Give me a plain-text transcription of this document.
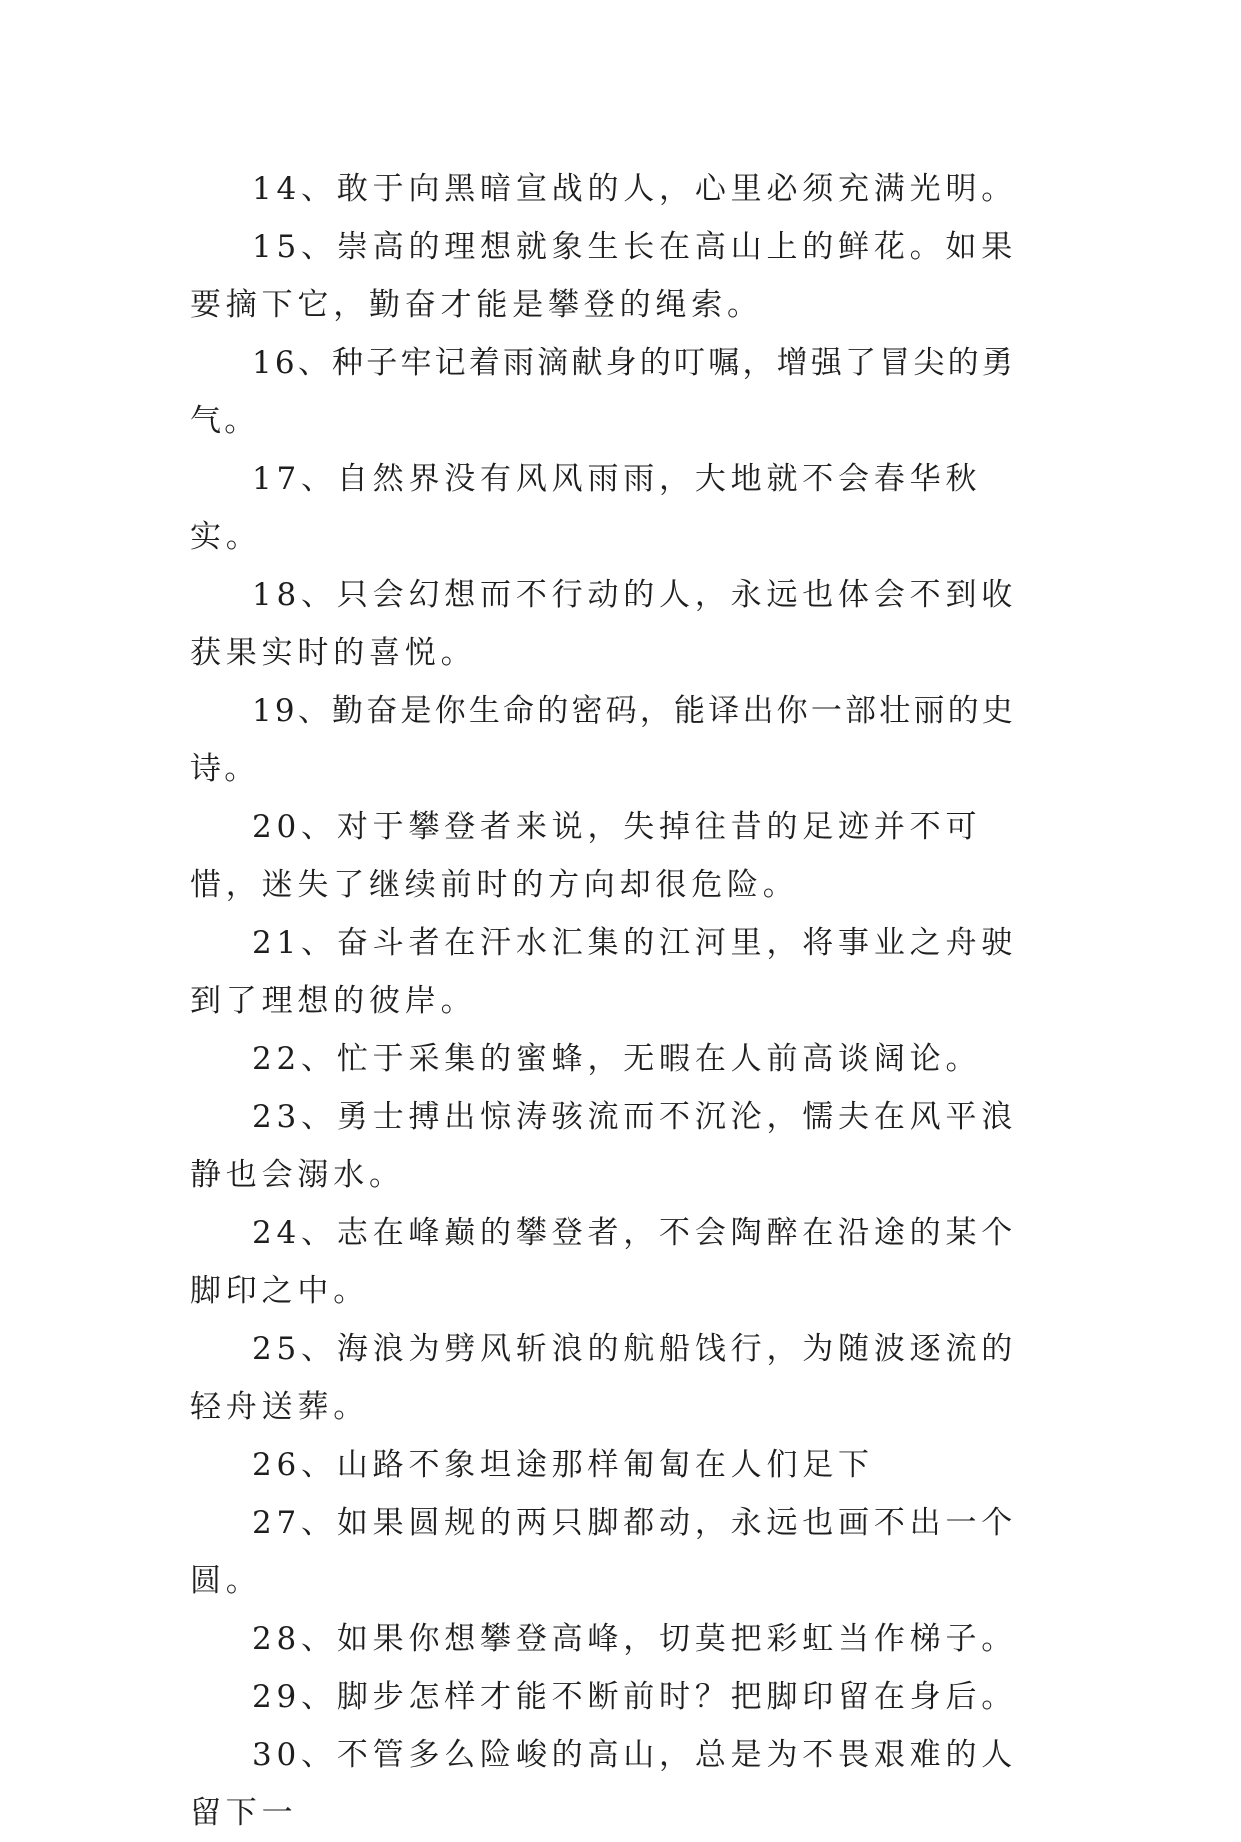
14、敢于向黑暗宣战的人，心里必须充满光明。

15、崇高的理想就象生长在高山上的鲜花。如果要摘下它，勤奋才能是攀登的绳索。

16、种子牢记着雨滴献身的叮嘱，增强了冒尖的勇气。

17、自然界没有风风雨雨，大地就不会春华秋实。

18、只会幻想而不行动的人，永远也体会不到收获果实时的喜悦。

19、勤奋是你生命的密码，能译出你一部壮丽的史诗。

20、对于攀登者来说，失掉往昔的足迹并不可惜，迷失了继续前时的方向却很危险。

21、奋斗者在汗水汇集的江河里，将事业之舟驶到了理想的彼岸。

22、忙于采集的蜜蜂，无暇在人前高谈阔论。

23、勇士搏出惊涛骇流而不沉沦，懦夫在风平浪静也会溺水。

24、志在峰巅的攀登者，不会陶醉在沿途的某个脚印之中。

25、海浪为劈风斩浪的航船饯行，为随波逐流的轻舟送葬。

26、山路不象坦途那样匍匐在人们足下

27、如果圆规的两只脚都动，永远也画不出一个圆。

28、如果你想攀登高峰，切莫把彩虹当作梯子。

29、脚步怎样才能不断前时？把脚印留在身后。

30、不管多么险峻的高山，总是为不畏艰难的人留下一
